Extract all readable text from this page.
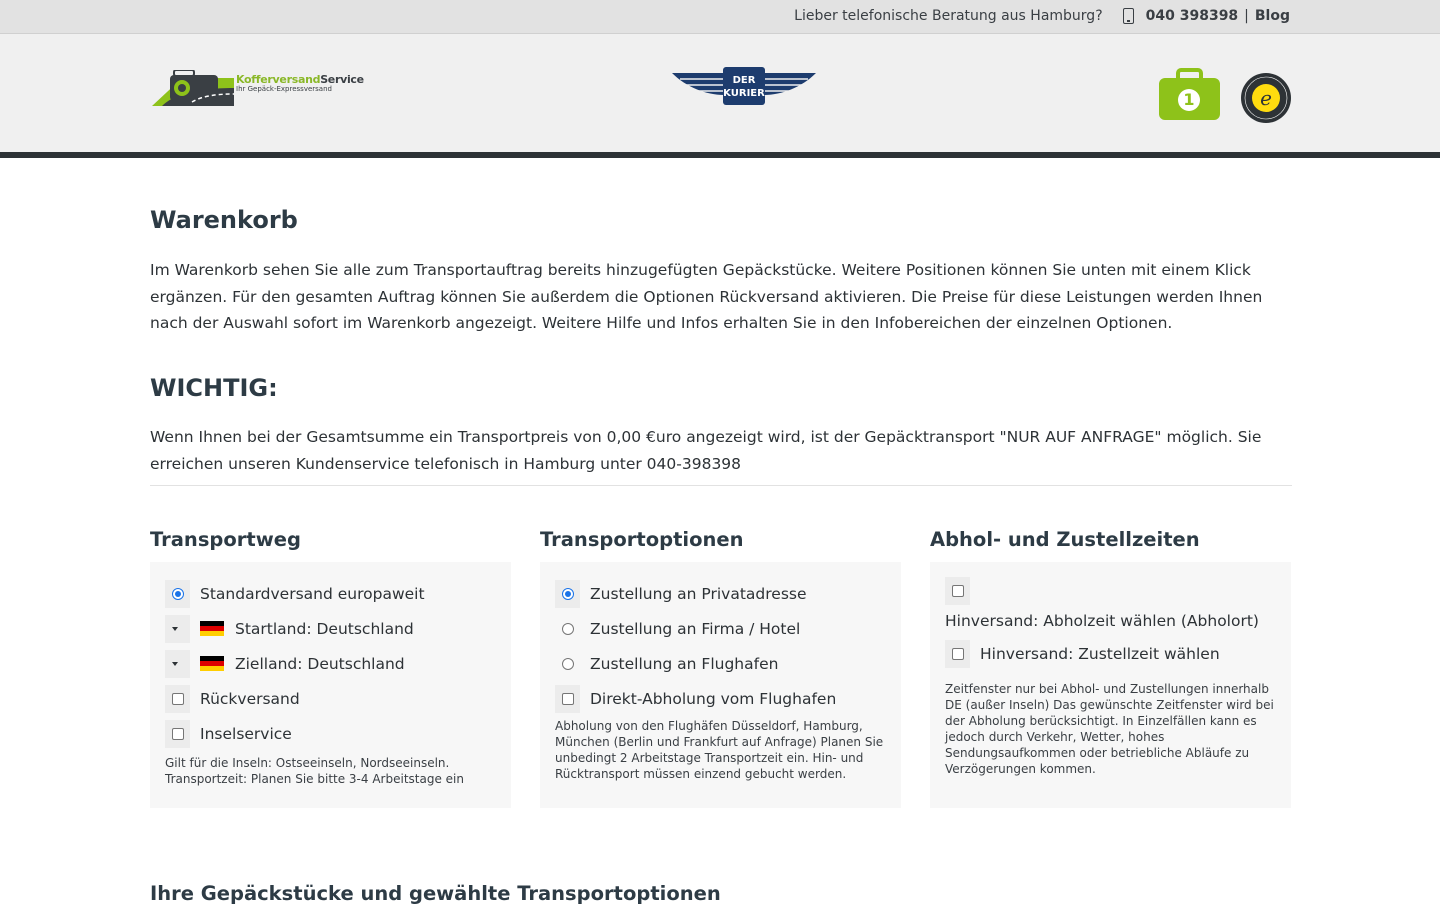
Lieber telefonische Beratung aus Hamburg?	040 398398 | Blog
KofferversandService
Ihr Gepäck-Expressversand
DER
KURIER	1	e
Warenkorb

Im Warenkorb sehen Sie alle zum Transportauftrag bereits hinzugefügten Gepäckstücke. Weitere Positionen können Sie unten mit einem Klick ergänzen. Für den gesamten Auftrag können Sie außerdem die Optionen Rückversand aktivieren. Die Preise für diese Leistungen werden Ihnen nach der Auswahl sofort im Warenkorb angezeigt. Weitere Hilfe und Infos erhalten Sie in den Infobereichen der einzelnen Optionen.

WICHTIG:

Wenn Ihnen bei der Gesamtsumme ein Transportpreis von 0,00 €uro angezeigt wird, ist der Gepäcktransport "NUR AUF ANFRAGE" möglich. Sie erreichen unseren Kundenservice telefonisch in Hamburg unter 040-398398

Transportweg
Standardversand europaweit
Startland: Deutschland
Zielland: Deutschland
Rückversand
Inselservice

Gilt für die Inseln: Ostseeinseln, Nordseeinseln. Transportzeit: Planen Sie bitte 3-4 Arbeitstage ein

Transportoptionen
Zustellung an Privatadresse
Zustellung an Firma / Hotel
Zustellung an Flughafen
Direkt-Abholung vom Flughafen

Abholung von den Flughäfen Düsseldorf, Hamburg, München (Berlin und Frankfurt auf Anfrage) Planen Sie unbedingt 2 Arbeitstage Transportzeit ein. Hin- und Rücktransport müssen einzend gebucht werden.

Abhol- und Zustellzeiten
Hinversand: Abholzeit wählen (Abholort)
Hinversand: Zustellzeit wählen

Zeitfenster nur bei Abhol- und Zustellungen innerhalb DE (außer Inseln) Das gewünschte Zeitfenster wird bei der Abholung berücksichtigt. In Einzelfällen kann es jedoch durch Verkehr, Wetter, hohes Sendungsaufkommen oder betriebliche Abläufe zu Verzögerungen kommen.

Ihre Gepäckstücke und gewählte Transportoptionen
